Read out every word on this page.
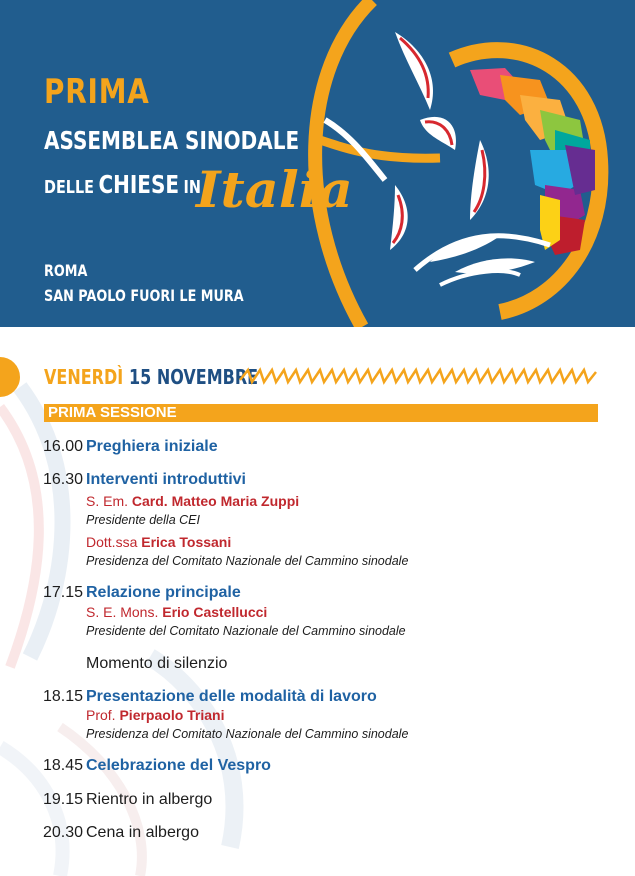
PRIMA
ASSEMBLEA SINODALE
DELLE CHIESE IN
Italia
ROMA
SAN PAOLO FUORI LE MURA
VENERDÌ 15 NOVEMBRE
PRIMA SESSIONE
16.00 Preghiera iniziale
16.30 Interventi introduttivi
S. Em. Card. Matteo Maria Zuppi
Presidente della CEI
Dott.ssa Erica Tossani
Presidenza del Comitato Nazionale del Cammino sinodale
17.15 Relazione principale
S. E. Mons. Erio Castellucci
Presidente del Comitato Nazionale del Cammino sinodale
Momento di silenzio
18.15 Presentazione delle modalità di lavoro
Prof. Pierpaolo Triani
Presidenza del Comitato Nazionale del Cammino sinodale
18.45 Celebrazione del Vespro
19.15 Rientro in albergo
20.30 Cena in albergo
